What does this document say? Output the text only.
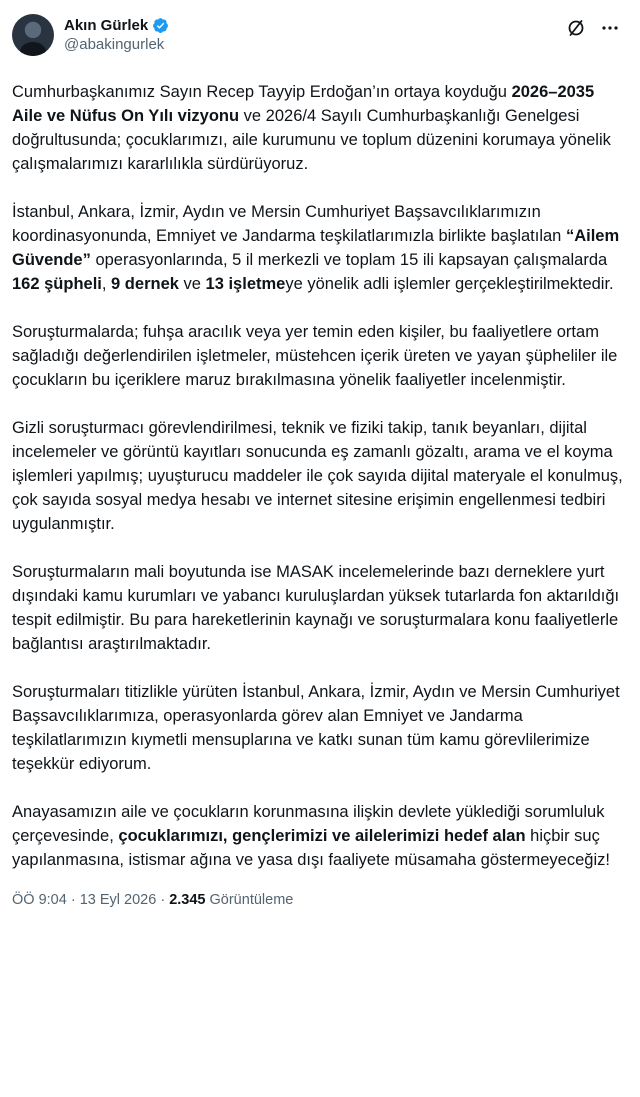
Akın Gürlek
@abakingurlek

Cumhurbaşkanımız Sayın Recep Tayyip Erdoğan’ın ortaya koyduğu 2026–2035 Aile ve Nüfus On Yılı vizyonu ve 2026/4 Sayılı Cumhurbaşkanlığı Genelgesi doğrultusunda; çocuklarımızı, aile kurumunu ve toplum düzenini korumaya yönelik çalışmalarımızı kararlılıkla sürdürüyoruz.

İstanbul, Ankara, İzmir, Aydın ve Mersin Cumhuriyet Başsavcılıklarımızın koordinasyonunda, Emniyet ve Jandarma teşkilatlarımızla birlikte başlatılan “Ailem Güvende” operasyonlarında, 5 il merkezli ve toplam 15 ili kapsayan çalışmalarda 162 şüpheli, 9 dernek ve 13 işletmeye yönelik adli işlemler gerçekleştirilmektedir.

Soruşturmalarda; fuhşa aracılık veya yer temin eden kişiler, bu faaliyetlere ortam sağladığı değerlendirilen işletmeler, müstehcen içerik üreten ve yayan şüpheliler ile çocukların bu içeriklere maruz bırakılmasına yönelik faaliyetler incelenmiştir.

Gizli soruşturmacı görevlendirilmesi, teknik ve fiziki takip, tanık beyanları, dijital incelemeler ve görüntü kayıtları sonucunda eş zamanlı gözaltı, arama ve el koyma işlemleri yapılmış; uyuşturucu maddeler ile çok sayıda dijital materyale el konulmuş, çok sayıda sosyal medya hesabı ve internet sitesine erişimin engellenmesi tedbiri uygulanmıştır.

Soruşturmaların mali boyutunda ise MASAK incelemelerinde bazı derneklere yurt dışındaki kamu kurumları ve yabancı kuruluşlardan yüksek tutarlarda fon aktarıldığı tespit edilmiştir. Bu para hareketlerinin kaynağı ve soruşturmalara konu faaliyetlerle bağlantısı araştırılmaktadır.

Soruşturmaları titizlikle yürüten İstanbul, Ankara, İzmir, Aydın ve Mersin Cumhuriyet Başsavcılıklarımıza, operasyonlarda görev alan Emniyet ve Jandarma teşkilatlarımızın kıymetli mensuplarına ve katkı sunan tüm kamu görevlilerimize teşekkür ediyorum.

Anayasamızın aile ve çocukların korunmasına ilişkin devlete yüklediği sorumluluk çerçevesinde, çocuklarımızı, gençlerimizi ve ailelerimizi hedef alan hiçbir suç yapılanmasına, istismar ağına ve yasa dışı faaliyete müsamaha göstermeyeceğiz!

ÖÖ 9:04 · 13 Eyl 2026 · 2.345 Görüntüleme
